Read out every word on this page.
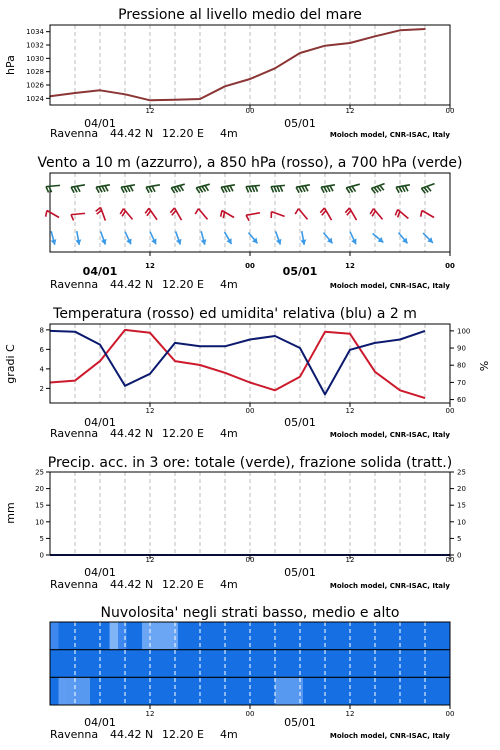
Pressione al livello medio del mare
1024
1026
1028
1030
1032
1034
hPa
12	00	12	00
04/01	05/01
Ravenna 44.42 N 12.20 E 4m	Moloch model, CNR-ISAC, Italy
Vento a 10 m (azzurro), a 850 hPa (rosso), a 700 hPa (verde)
12	00	12	00
04/01	05/01
Ravenna 44.42 N 12.20 E 4m	Moloch model, CNR-ISAC, Italy
Temperatura (rosso) ed umidita' relativa (blu) a 2 m
2
4
6
8
60
70
80
90
100
gradi C	%
12	00	12	00
04/01	05/01
Ravenna 44.42 N 12.20 E 4m	Moloch model, CNR-ISAC, Italy
Precip. acc. in 3 ore: totale (verde), frazione solida (tratt.)
0
5
10
15
20
25
0
5
10
15
20
25
mm
12	00	12	00
04/01	05/01
Ravenna 44.42 N 12.20 E 4m	Moloch model, CNR-ISAC, Italy
Nuvolosita' negli strati basso, medio e alto
12	00	12	00
04/01	05/01
Ravenna 44.42 N 12.20 E 4m	Moloch model, CNR-ISAC, Italy
